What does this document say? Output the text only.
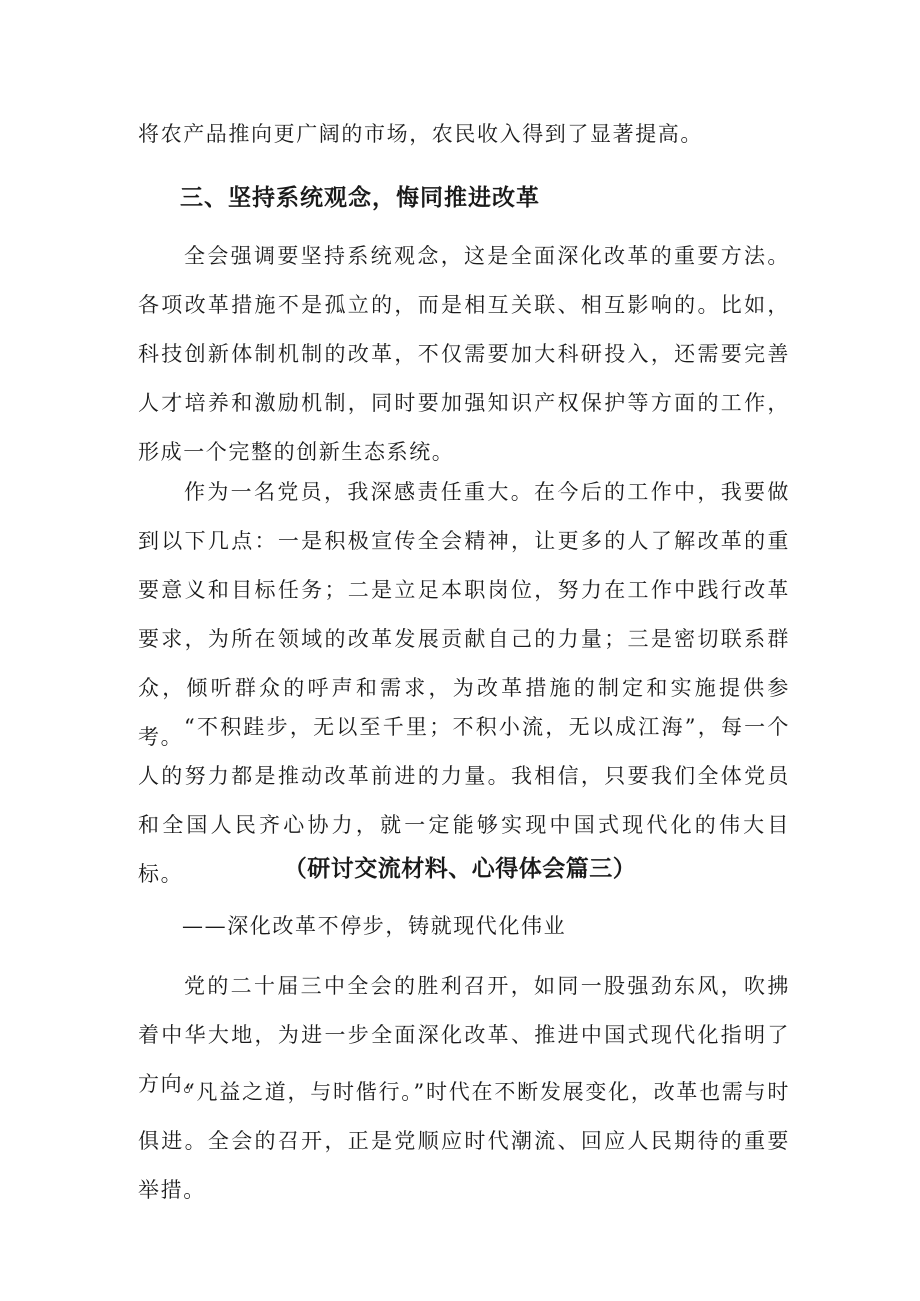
将农产品推向更广阔的市场，农民收入得到了显著提高。

三、坚持系统观念，悔同推进改革

全会强调要坚持系统观念，这是全面深化改革的重要方法。各项改革措施不是孤立的，而是相互关联、相互影响的。比如，科技创新体制机制的改革，不仅需要加大科研投入，还需要完善人才培养和激励机制，同时要加强知识产权保护等方面的工作，形成一个完整的创新生态系统。

作为一名党员，我深感责任重大。在今后的工作中，我要做到以下几点：一是积极宣传全会精神，让更多的人了解改革的重要意义和目标任务；二是立足本职岗位，努力在工作中践行改革要求，为所在领域的改革发展贡献自己的力量；三是密切联系群众，倾听群众的呼声和需求，为改革措施的制定和实施提供参考。 “不积跬步，无以至千里；不积小流，无以成江海”，每一个人的努力都是推动改革前进的力量。我相信，只要我们全体党员和全国人民齐心协力，就一定能够实现中国式现代化的伟大目标。	（研讨交流材料、心得体会篇三）

——深化改革不停步，铸就现代化伟业

党的二十届三中全会的胜利召开，如同一股强劲东风，吹拂着中华大地，为进一步全面深化改革、推进中国式现代化指明了方向。

“凡益之道，与时偕行。”时代在不断发展变化，改革也需与时俱进。全会的召开，正是党顺应时代潮流、回应人民期待的重要举措。
